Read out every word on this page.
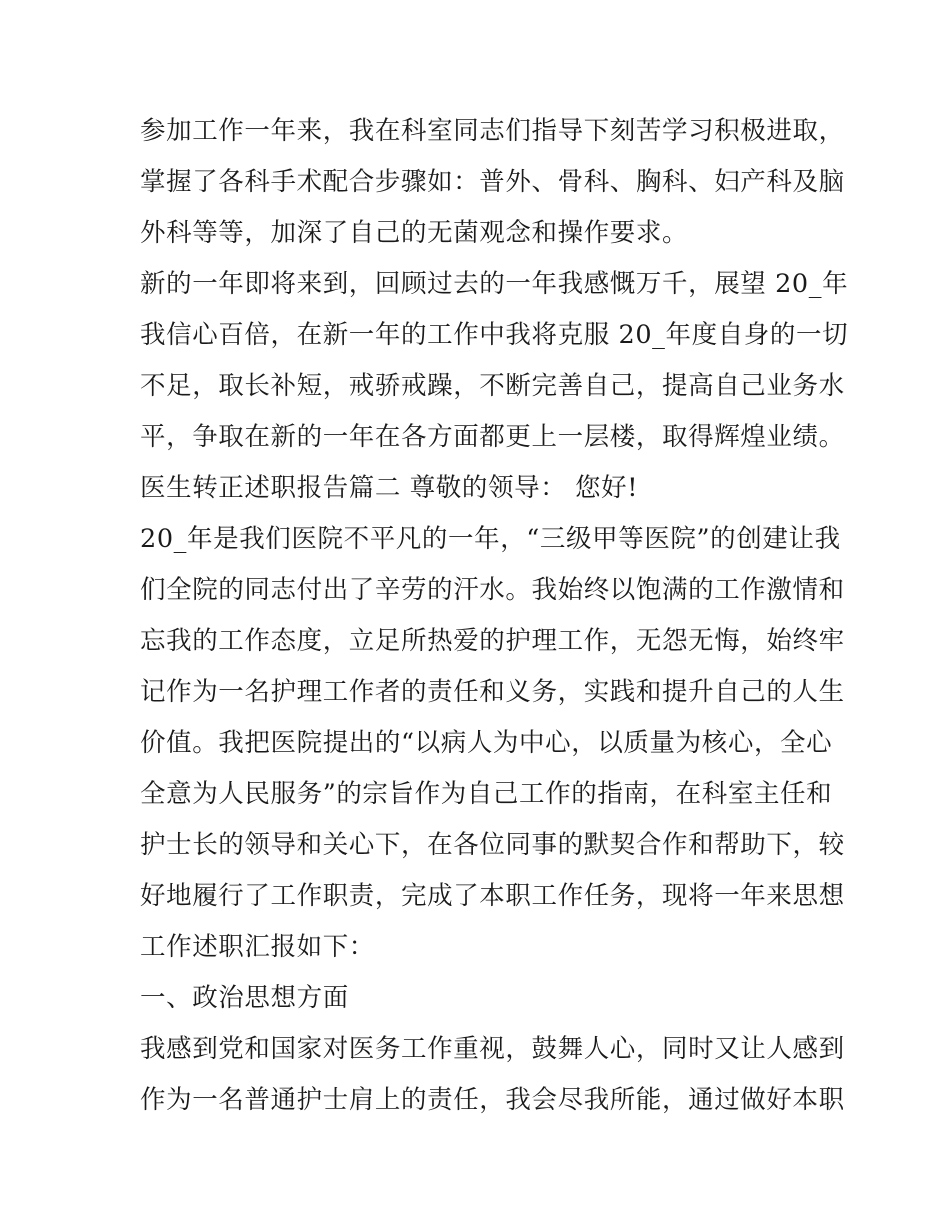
参加工作一年来，我在科室同志们指导下刻苦学习积极进取，
掌握了各科手术配合步骤如：普外、骨科、胸科、妇产科及脑
外科等等，加深了自己的无菌观念和操作要求。
新的一年即将来到，回顾过去的一年我感慨万千，展望 20_年
我信心百倍，在新一年的工作中我将克服 20_年度自身的一切
不足，取长补短，戒骄戒躁，不断完善自己，提高自己业务水
平，争取在新的一年在各方面都更上一层楼，取得辉煌业绩。
医生转正述职报告篇二 尊敬的领导： 您好!
20_年是我们医院不平凡的一年，“三级甲等医院”的创建让我
们全院的同志付出了辛劳的汗水。我始终以饱满的工作激情和
忘我的工作态度，立足所热爱的护理工作，无怨无悔，始终牢
记作为一名护理工作者的责任和义务，实践和提升自己的人生
价值。我把医院提出的“以病人为中心，以质量为核心，全心
全意为人民服务”的宗旨作为自己工作的指南，在科室主任和
护士长的领导和关心下，在各位同事的默契合作和帮助下，较
好地履行了工作职责，完成了本职工作任务，现将一年来思想
工作述职汇报如下：
一、政治思想方面
我感到党和国家对医务工作重视，鼓舞人心，同时又让人感到
作为一名普通护士肩上的责任，我会尽我所能，通过做好本职
